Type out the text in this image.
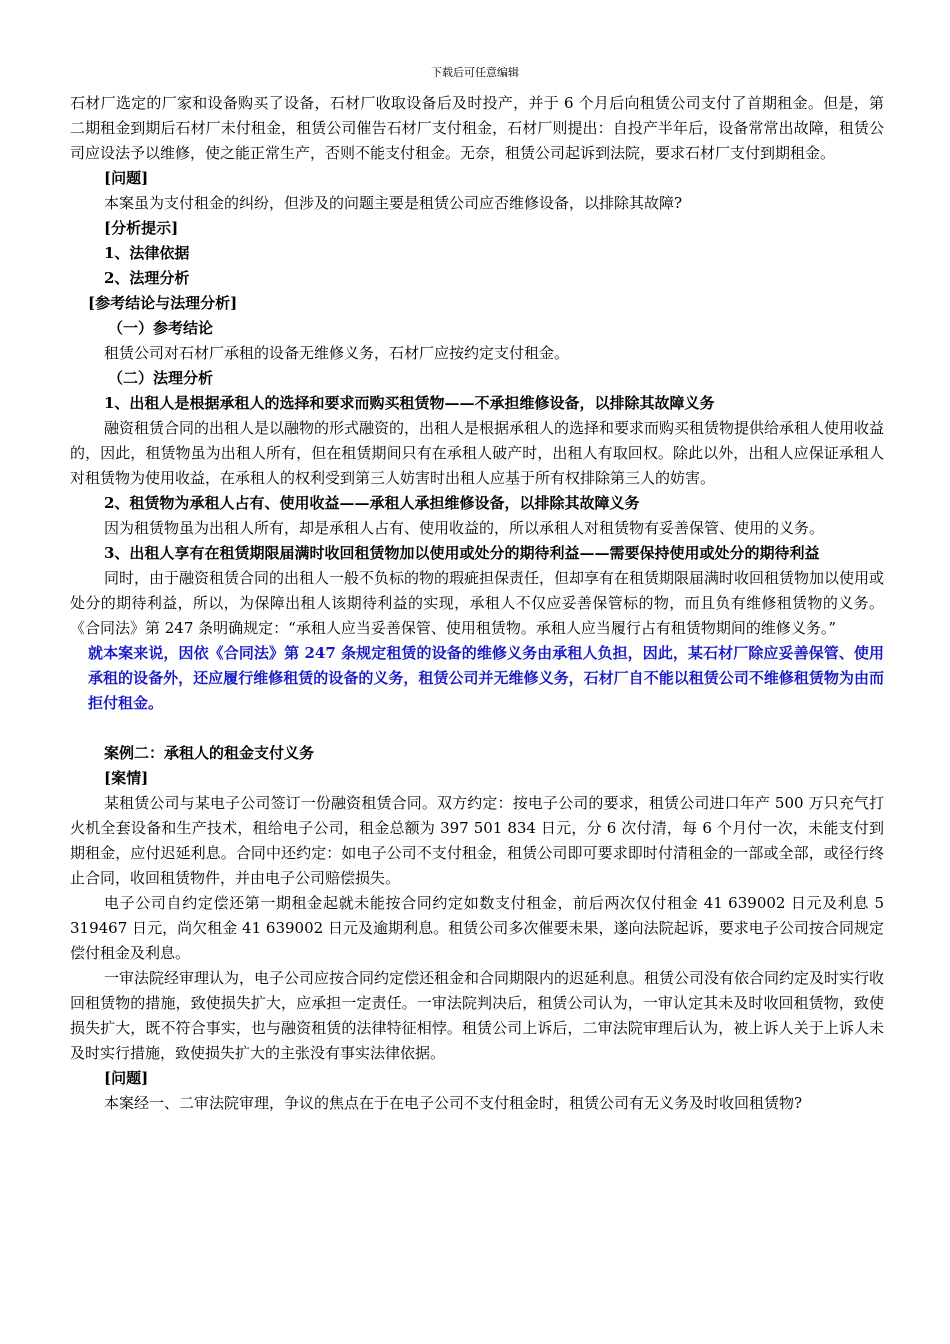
下载后可任意编辑

石材厂选定的厂家和设备购买了设备，石材厂收取设备后及时投产，并于 6 个月后向租赁公司支付了首期租金。但是，第二期租金到期后石材厂未付租金，租赁公司催告石材厂支付租金，石材厂则提出：自投产半年后，设备常常出故障，租赁公司应设法予以维修，使之能正常生产，否则不能支付租金。无奈，租赁公司起诉到法院，要求石材厂支付到期租金。

[问题]

本案虽为支付租金的纠纷，但涉及的问题主要是租赁公司应否维修设备，以排除其故障?

[分析提示]

1、法律依据

2、法理分析

[参考结论与法理分析]

（一）参考结论

租赁公司对石材厂承租的设备无维修义务，石材厂应按约定支付租金。

（二）法理分析

1、出租人是根据承租人的选择和要求而购买租赁物——不承担维修设备，以排除其故障义务

融资租赁合同的出租人是以融物的形式融资的，出租人是根据承租人的选择和要求而购买租赁物提供给承租人使用收益的，因此，租赁物虽为出租人所有，但在租赁期间只有在承租人破产时，出租人有取回权。除此以外，出租人应保证承租人对租赁物为使用收益，在承租人的权利受到第三人妨害时出租人应基于所有权排除第三人的妨害。

2、租赁物为承租人占有、使用收益——承租人承担维修设备，以排除其故障义务

因为租赁物虽为出租人所有，却是承租人占有、使用收益的，所以承租人对租赁物有妥善保管、使用的义务。

3、出租人享有在租赁期限届满时收回租赁物加以使用或处分的期待利益——需要保持使用或处分的期待利益

同时，由于融资租赁合同的出租人一般不负标的物的瑕疵担保责任，但却享有在租赁期限届满时收回租赁物加以使用或处分的期待利益，所以，为保障出租人该期待利益的实现，承租人不仅应妥善保管标的物，而且负有维修租赁物的义务。《合同法》第 247 条明确规定：“承租人应当妥善保管、使用租赁物。承租人应当履行占有租赁物期间的维修义务。”

就本案来说，因依《合同法》第 247 条规定租赁的设备的维修义务由承租人负担，因此，某石材厂除应妥善保管、使用承租的设备外，还应履行维修租赁的设备的义务，租赁公司并无维修义务，石材厂自不能以租赁公司不维修租赁物为由而拒付租金。

案例二：承租人的租金支付义务

[案情]

某租赁公司与某电子公司签订一份融资租赁合同。双方约定：按电子公司的要求，租赁公司进口年产 500 万只充气打火机全套设备和生产技术，租给电子公司，租金总额为 397 501 834 日元，分 6 次付清，每 6 个月付一次，未能支付到期租金，应付迟延利息。合同中还约定：如电子公司不支付租金，租赁公司即可要求即时付清租金的一部或全部，或径行终止合同，收回租赁物件，并由电子公司赔偿损失。

电子公司自约定偿还第一期租金起就未能按合同约定如数支付租金，前后两次仅付租金 41 639002 日元及利息 5 319467 日元，尚欠租金 41 639002 日元及逾期利息。租赁公司多次催要未果，遂向法院起诉，要求电子公司按合同规定偿付租金及利息。

一审法院经审理认为，电子公司应按合同约定偿还租金和合同期限内的迟延利息。租赁公司没有依合同约定及时实行收回租赁物的措施，致使损失扩大，应承担一定责任。一审法院判决后，租赁公司认为，一审认定其未及时收回租赁物，致使损失扩大，既不符合事实，也与融资租赁的法律特征相悖。租赁公司上诉后，二审法院审理后认为，被上诉人关于上诉人未及时实行措施，致使损失扩大的主张没有事实法律依据。

[问题]

本案经一、二审法院审理，争议的焦点在于在电子公司不支付租金时，租赁公司有无义务及时收回租赁物?
